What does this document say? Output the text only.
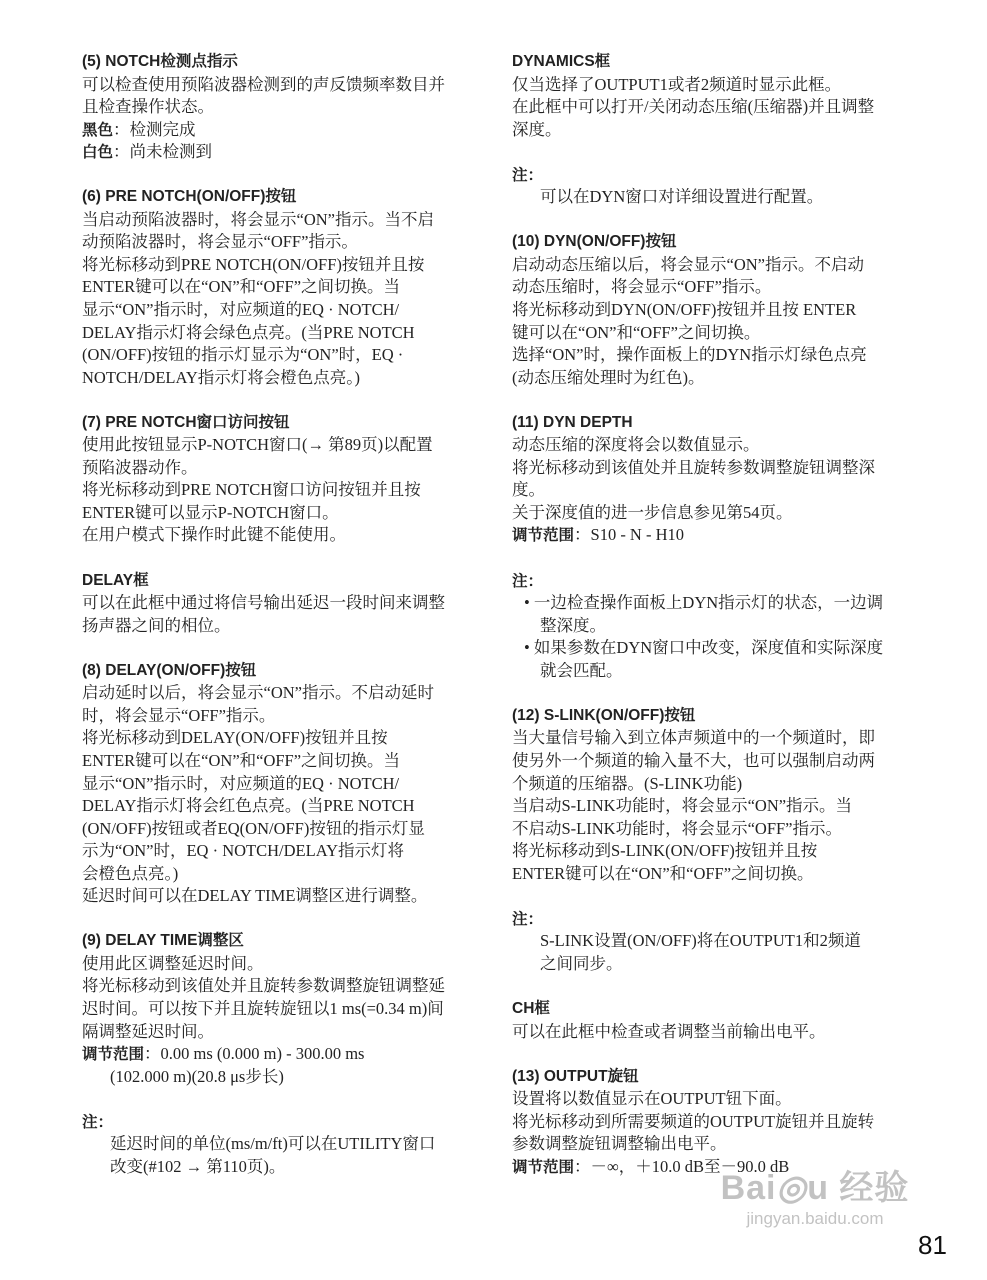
(5) NOTCH检测点指示
可以检查使用预陷波器检测到的声反馈频率数目并
且检查操作状态。
黑色：检测完成
白色：尚未检测到
(6) PRE NOTCH(ON/OFF)按钮
当启动预陷波器时，将会显示“ON”指示。当不启
动预陷波器时，将会显示“OFF”指示。
将光标移动到PRE NOTCH(ON/OFF)按钮并且按
ENTER键可以在“ON”和“OFF”之间切换。当
显示“ON”指示时，对应频道的EQ · NOTCH/
DELAY指示灯将会绿色点亮。(当PRE NOTCH
(ON/OFF)按钮的指示灯显示为“ON”时，EQ ·
NOTCH/DELAY指示灯将会橙色点亮。)
(7) PRE NOTCH窗口访问按钮
使用此按钮显示P-NOTCH窗口(→ 第89页)以配置
预陷波器动作。
将光标移动到PRE NOTCH窗口访问按钮并且按
ENTER键可以显示P-NOTCH窗口。
在用户模式下操作时此键不能使用。
DELAY框
可以在此框中通过将信号输出延迟一段时间来调整
扬声器之间的相位。
(8) DELAY(ON/OFF)按钮
启动延时以后，将会显示“ON”指示。不启动延时
时，将会显示“OFF”指示。
将光标移动到DELAY(ON/OFF)按钮并且按
ENTER键可以在“ON”和“OFF”之间切换。当
显示“ON”指示时，对应频道的EQ · NOTCH/
DELAY指示灯将会红色点亮。(当PRE NOTCH
(ON/OFF)按钮或者EQ(ON/OFF)按钮的指示灯显
示为“ON”时，EQ · NOTCH/DELAY指示灯将
会橙色点亮。)
延迟时间可以在DELAY TIME调整区进行调整。
(9) DELAY TIME调整区
使用此区调整延迟时间。
将光标移动到该值处并且旋转参数调整旋钮调整延
迟时间。可以按下并且旋转旋钮以1 ms(=0.34 m)间
隔调整延迟时间。
调节范围：0.00 ms (0.000 m) - 300.00 ms
(102.000 m)(20.8 μs步长)
注：
延迟时间的单位(ms/m/ft)可以在UTILITY窗口
改变(#102 → 第110页)。
DYNAMICS框
仅当选择了OUTPUT1或者2频道时显示此框。
在此框中可以打开/关闭动态压缩(压缩器)并且调整
深度。
注：
可以在DYN窗口对详细设置进行配置。
(10) DYN(ON/OFF)按钮
启动动态压缩以后，将会显示“ON”指示。不启动
动态压缩时，将会显示“OFF”指示。
将光标移动到DYN(ON/OFF)按钮并且按 ENTER
键可以在“ON”和“OFF”之间切换。
选择“ON”时，操作面板上的DYN指示灯绿色点亮
(动态压缩处理时为红色)。
(11) DYN DEPTH
动态压缩的深度将会以数值显示。
将光标移动到该值处并且旋转参数调整旋钮调整深
度。
关于深度值的进一步信息参见第54页。
调节范围：S10 - N - H10
注：
• 一边检查操作面板上DYN指示灯的状态，一边调
整深度。
• 如果参数在DYN窗口中改变，深度值和实际深度
就会匹配。
(12) S-LINK(ON/OFF)按钮
当大量信号输入到立体声频道中的一个频道时，即
使另外一个频道的输入量不大，也可以强制启动两
个频道的压缩器。(S-LINK功能)
当启动S-LINK功能时，将会显示“ON”指示。当
不启动S-LINK功能时，将会显示“OFF”指示。
将光标移动到S-LINK(ON/OFF)按钮并且按
ENTER键可以在“ON”和“OFF”之间切换。
注：
S-LINK设置(ON/OFF)将在OUTPUT1和2频道
之间同步。
CH框
可以在此框中检查或者调整当前输出电平。
(13) OUTPUT旋钮
设置将以数值显示在OUTPUT钮下面。
将光标移动到所需要频道的OUTPUT旋钮并且旋转
参数调整旋钮调整输出电平。
调节范围：－∞，＋10.0 dB至－90.0 dB
81
Bai◎u 经验
jingyan.baidu.com
